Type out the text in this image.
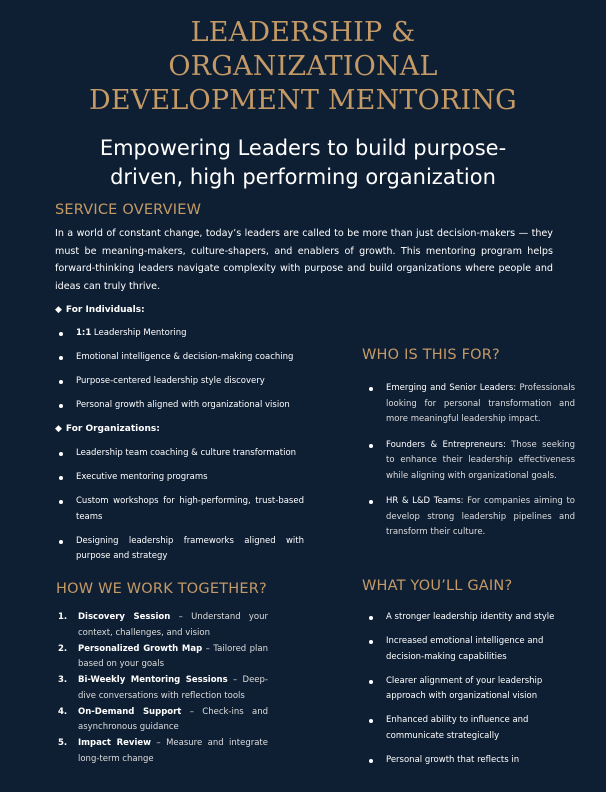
LEADERSHIP &
ORGANIZATIONAL
DEVELOPMENT MENTORING
Empowering Leaders to build purpose-
driven, high performing organization
SERVICE OVERVIEW
In a world of constant change, today’s leaders are called to be more than just decision-makers — they must be meaning-makers, culture-shapers, and enablers of growth. This mentoring program helps forward-thinking leaders navigate complexity with purpose and build organizations where people and ideas can truly thrive.
◆ For Individuals:
1:1 Leadership Mentoring
Emotional intelligence & decision-making coaching
Purpose-centered leadership style discovery
Personal growth aligned with organizational vision
◆ For Organizations:
Leadership team coaching & culture transformation
Executive mentoring programs
Custom workshops for high-performing, trust-based teams
Designing leadership frameworks aligned with purpose and strategy
HOW WE WORK TOGETHER?
1. Discovery Session – Understand your context, challenges, and vision
2. Personalized Growth Map – Tailored plan based on your goals
3. Bi-Weekly Mentoring Sessions – Deep-dive conversations with reflection tools
4. On-Demand Support – Check-ins and asynchronous guidance
5. Impact Review – Measure and integrate long-term change
WHO IS THIS FOR?
Emerging and Senior Leaders: Professionals looking for personal transformation and more meaningful leadership impact.
Founders & Entrepreneurs: Those seeking to enhance their leadership effectiveness while aligning with organizational goals.
HR & L&D Teams: For companies aiming to develop strong leadership pipelines and transform their culture.
WHAT YOU’LL GAIN?
A stronger leadership identity and style
Increased emotional intelligence and decision-making capabilities
Clearer alignment of your leadership approach with organizational vision
Enhanced ability to influence and communicate strategically
Personal growth that reflects in
